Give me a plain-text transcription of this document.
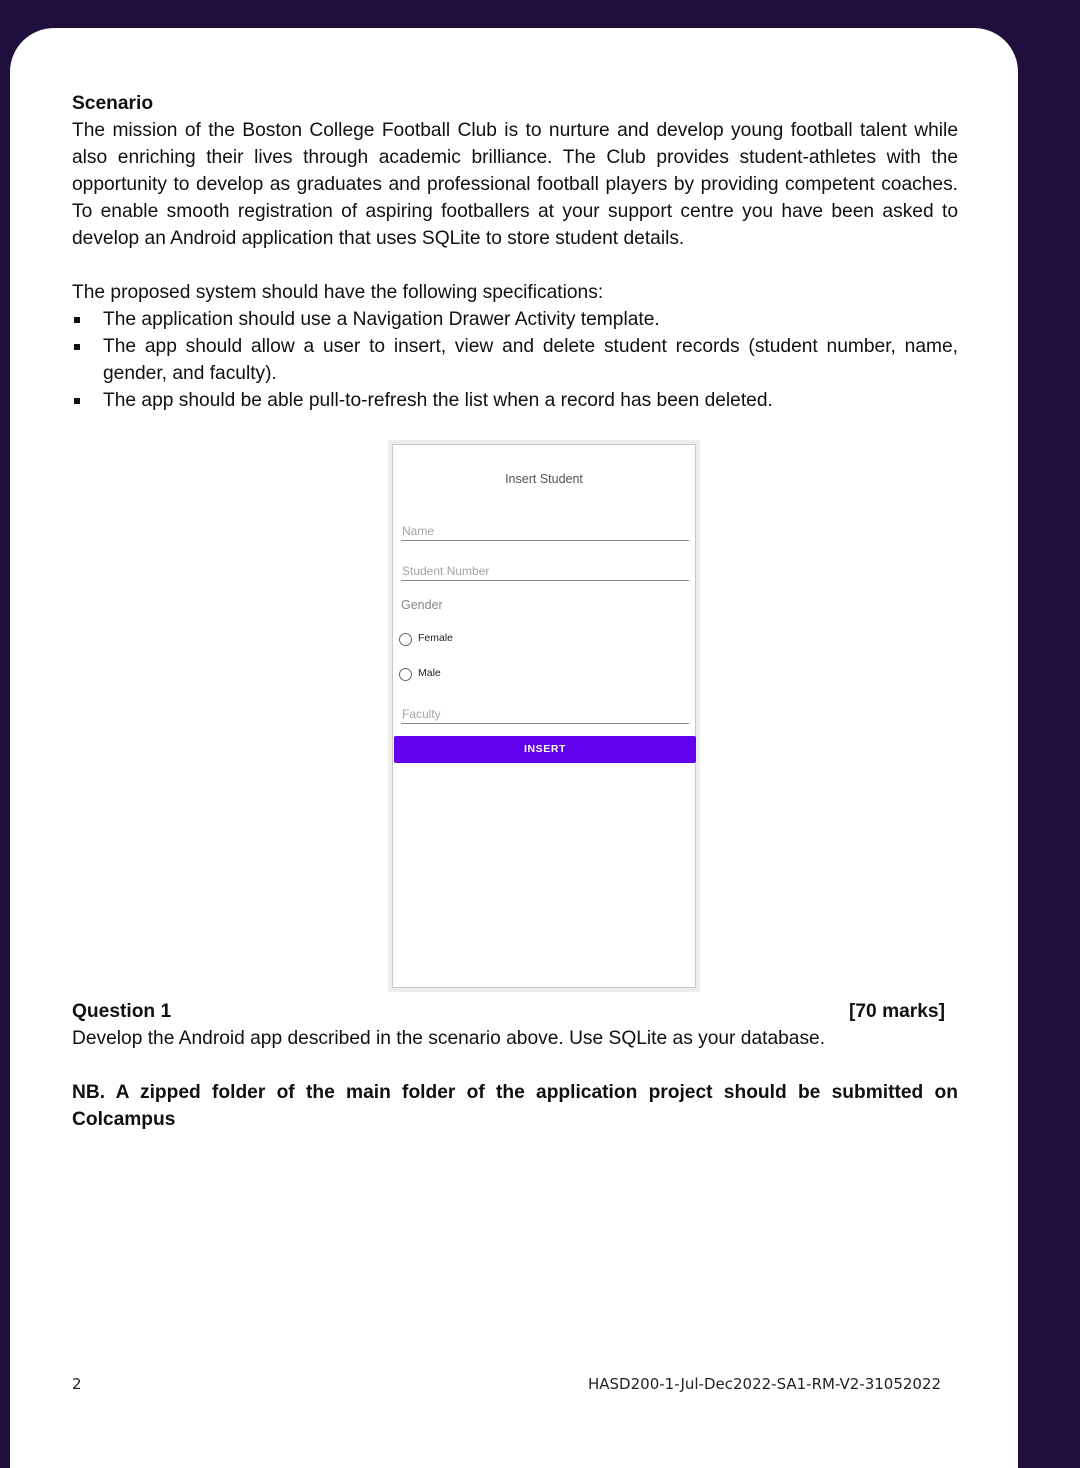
Scenario

The mission of the Boston College Football Club is to nurture and develop young football talent while also enriching their lives through academic brilliance. The Club provides student-athletes with the opportunity to develop as graduates and professional football players by providing competent coaches. To enable smooth registration of aspiring footballers at your support centre you have been asked to develop an Android application that uses SQLite to store student details.

The proposed system should have the following specifications:

The application should use a Navigation Drawer Activity template.
The app should allow a user to insert, view and delete student records (student number, name, gender, and faculty).
The app should be able pull-to-refresh the list when a record has been deleted.
Insert Student
Name
Student Number
Gender
Female
Male
Faculty
INSERT
Question 1	[70 marks]

Develop the Android app described in the scenario above. Use SQLite as your database.

NB. A zipped folder of the main folder of the application project should be submitted on Colcampus

2	HASD200-1-Jul-Dec2022-SA1-RM-V2-31052022
